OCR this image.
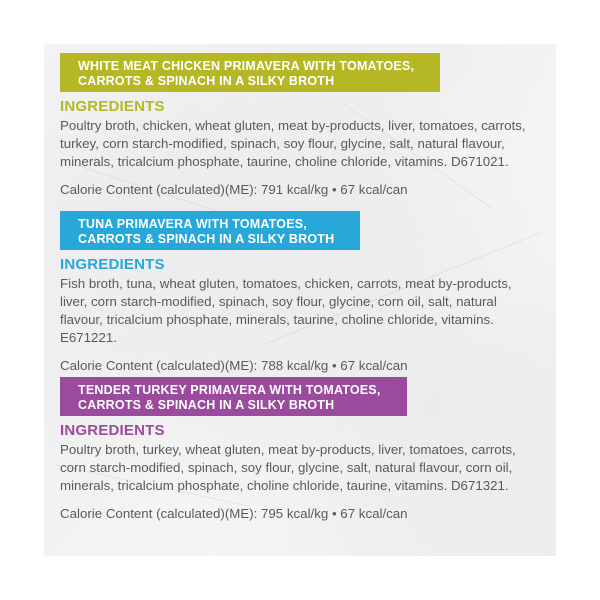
WHITE MEAT CHICKEN PRIMAVERA WITH TOMATOES,
CARROTS & SPINACH IN A SILKY BROTH
INGREDIENTS
Poultry broth, chicken, wheat gluten, meat by-products, liver, tomatoes, carrots, turkey, corn starch-modified, spinach, soy flour, glycine, salt, natural flavour, minerals, tricalcium phosphate, taurine, choline chloride, vitamins. D671021.
Calorie Content (calculated)(ME): 791 kcal/kg • 67 kcal/can
TUNA PRIMAVERA WITH TOMATOES,
CARROTS & SPINACH IN A SILKY BROTH
INGREDIENTS
Fish broth, tuna, wheat gluten, tomatoes, chicken, carrots, meat by-products, liver, corn starch-modified, spinach, soy flour, glycine, corn oil, salt, natural flavour, tricalcium phosphate, minerals, taurine, choline chloride, vitamins. E671221.
Calorie Content (calculated)(ME): 788 kcal/kg • 67 kcal/can
TENDER TURKEY PRIMAVERA WITH TOMATOES,
CARROTS & SPINACH IN A SILKY BROTH
INGREDIENTS
Poultry broth, turkey, wheat gluten, meat by-products, liver, tomatoes, carrots, corn starch-modified, spinach, soy flour, glycine, salt, natural flavour, corn oil, minerals, tricalcium phosphate, choline chloride, taurine, vitamins. D671321.
Calorie Content (calculated)(ME): 795 kcal/kg • 67 kcal/can
